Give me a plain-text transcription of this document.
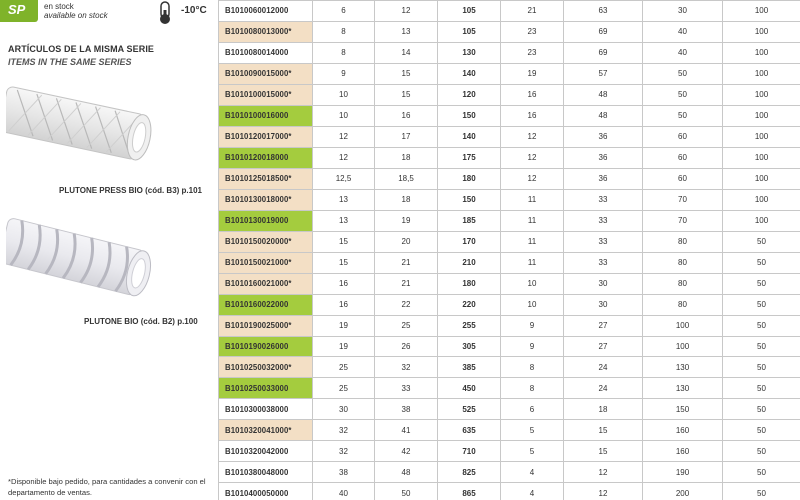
SP en stock
available on stock	-10°C
ARTÍCULOS DE LA MISMA SERIE
ITEMS IN THE SAME SERIES
PLUTONE PRESS BIO (cód. B3) p.101
PLUTONE BIO (cód. B2) p.100
*Disponible bajo pedido, para cantidades a convenir con el departamento de ventas.
B1010060012000	6	12	105	21	63	30	100	
B1010080013000*	8	13	105	23	69	40	100	
B1010080014000	8	14	130	23	69	40	100	
B1010090015000*	9	15	140	19	57	50	100	
B1010100015000*	10	15	120	16	48	50	100	
B1010100016000	10	16	150	16	48	50	100	
B1010120017000*	12	17	140	12	36	60	100	
B1010120018000	12	18	175	12	36	60	100	
B1010125018500*	12,5	18,5	180	12	36	60	100	
B1010130018000*	13	18	150	11	33	70	100	
B1010130019000	13	19	185	11	33	70	100	
B1010150020000*	15	20	170	11	33	80	50	
B1010150021000*	15	21	210	11	33	80	50	
B1010160021000*	16	21	180	10	30	80	50	
B1010160022000	16	22	220	10	30	80	50	
B1010190025000*	19	25	255	9	27	100	50	
B1010190026000	19	26	305	9	27	100	50	
B1010250032000*	25	32	385	8	24	130	50	
B1010250033000	25	33	450	8	24	130	50	
B1010300038000	30	38	525	6	18	150	50	
B1010320041000*	32	41	635	5	15	160	50	
B1010320042000	32	42	710	5	15	160	50	
B1010380048000	38	48	825	4	12	190	50	
B1010400050000	40	50	865	4	12	200	50	
